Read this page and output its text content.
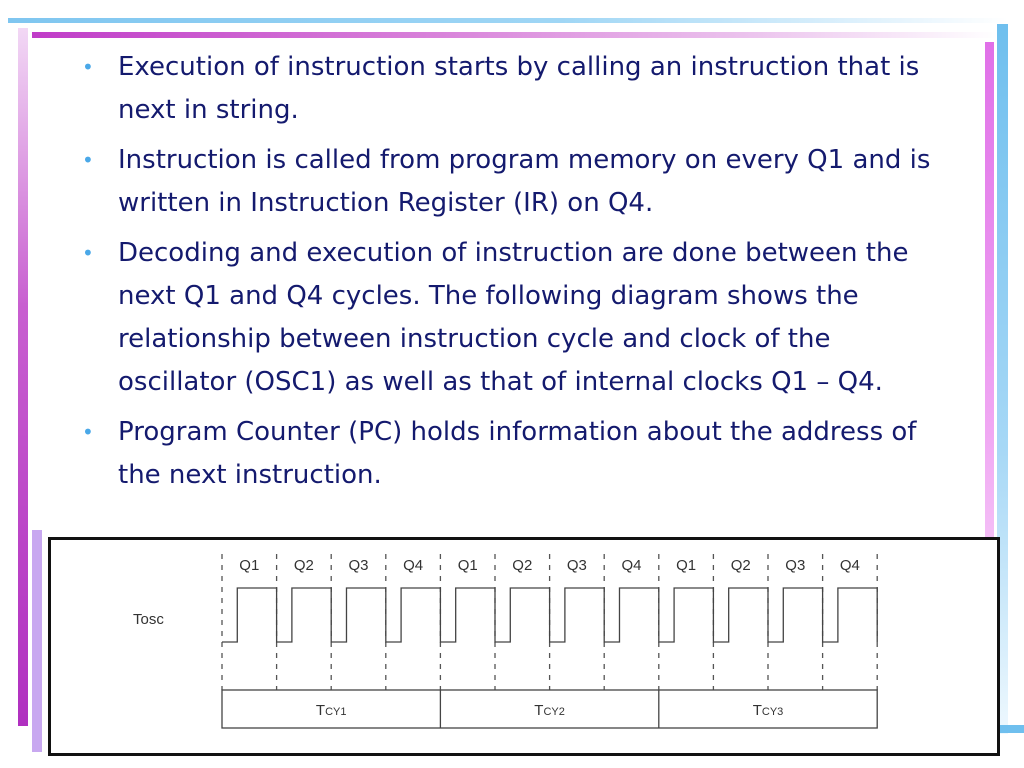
• Execution of instruction starts by calling an instruction that is next in string.
• Instruction is called from program memory on every Q1 and is written in Instruction Register (IR) on Q4.
• Decoding and execution of instruction are done between the next Q1 and Q4 cycles. The following diagram shows the relationship between instruction cycle and clock of the oscillator (OSC1) as well as that of internal clocks Q1 – Q4.
• Program Counter (PC) holds information about the address of the next instruction.
Tosc
Q1 Q2 Q3 Q4 Q1 Q2 Q3 Q4 Q1 Q2 Q3 Q4
TCY1	TCY2	TCY3
